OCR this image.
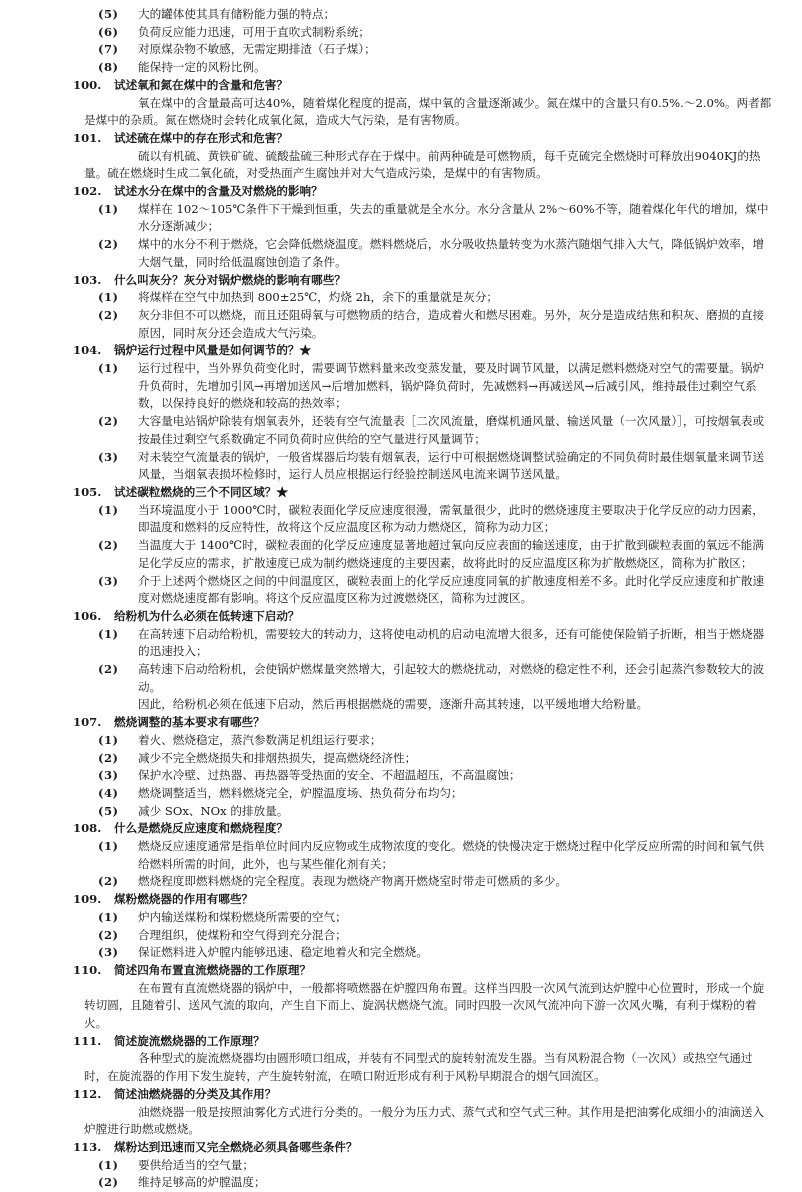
(5) 大的罐体使其具有储粉能力强的特点；
(6) 负荷反应能力迅速，可用于直吹式制粉系统；
(7) 对原煤杂物不敏感，无需定期排渣（石子煤）；
(8) 能保持一定的风粉比例。
100. 试述氧和氮在煤中的含量和危害？
氧在煤中的含量最高可达40%，随着煤化程度的提高，煤中氧的含量逐渐减少。氮在煤中的含量只有0.5%.～2.0%。两者都是煤中的杂质。氮在燃烧时会转化成氧化氮，造成大气污染，是有害物质。
101. 试述硫在煤中的存在形式和危害？
硫以有机硫、黄铁矿硫、硫酸盐硫三种形式存在于煤中。前两种硫是可燃物质，每千克硫完全燃烧时可释放出9040KJ的热量。硫在燃烧时生成二氧化硫，对受热面产生腐蚀并对大气造成污染，是煤中的有害物质。
102. 试述水分在煤中的含量及对燃烧的影响？
(1) 煤样在 102～105℃条件下干燥到恒重，失去的重量就是全水分。水分含量从 2%～60%不等，随着煤化年代的增加，煤中水分逐渐减少；
(2) 煤中的水分不利于燃烧，它会降低燃烧温度。燃料燃烧后，水分吸收热量转变为水蒸汽随烟气排入大气，降低锅炉效率，增大烟气量，同时给低温腐蚀创造了条件。
103. 什么叫灰分？灰分对锅炉燃烧的影响有哪些？
(1) 将煤样在空气中加热到 800±25℃，灼烧 2h，余下的重量就是灰分；
(2) 灰分非但不可以燃烧，而且还阻碍氧与可燃物质的结合，造成着火和燃尽困难。另外，灰分是造成结焦和积灰、磨损的直接原因，同时灰分还会造成大气污染。
104. 锅炉运行过程中风量是如何调节的？★
(1) 运行过程中，当外界负荷变化时，需要调节燃料量来改变蒸发量，要及时调节风量，以满足燃料燃烧对空气的需要量。锅炉升负荷时，先增加引风→再增加送风→后增加燃料，锅炉降负荷时，先减燃料→再减送风→后减引风，维持最佳过剩空气系数，以保持良好的燃烧和较高的热效率；
(2) 大容量电站锅炉除装有烟氧表外，还装有空气流量表［二次风流量，磨煤机通风量、输送风量（一次风量）］，可按烟氧表或按最佳过剩空气系数确定不同负荷时应供给的空气量进行风量调节；
(3) 对未装空气流量表的锅炉，一般省煤器后均装有烟氧表，运行中可根据燃烧调整试验确定的不同负荷时最佳烟氧量来调节送风量，当烟氧表损坏检修时，运行人员应根据运行经验控制送风电流来调节送风量。
105. 试述碳粒燃烧的三个不同区域？★
(1) 当环境温度小于 1000℃时，碳粒表面化学反应速度很漫，需氧量很少，此时的燃烧速度主要取决于化学反应的动力因素，即温度和燃料的反应特性，故将这个反应温度区称为动力燃烧区，简称为动力区；
(2) 当温度大于 1400℃时，碳粒表面的化学反应速度显著地超过氧向反应表面的输送速度，由于扩散到碳粒表面的氧远不能满足化学反应的需求，扩散速度已成为制约燃烧速度的主要因素，故将此时的反应温度区称为扩散燃烧区，简称为扩散区；
(3) 介于上述两个燃烧区之间的中间温度区，碳粒表面上的化学反应速度同氧的扩散速度相差不多。此时化学反应速度和扩散速度对燃烧速度都有影响。将这个反应温度区称为过渡燃烧区，简称为过渡区。
106. 给粉机为什么必须在低转速下启动？
(1) 在高转速下启动给粉机，需要较大的转动力，这将使电动机的启动电流增大很多，还有可能使保险销子折断，相当于燃烧器的迅速投入；
(2) 高转速下启动给粉机，会使锅炉燃煤量突然增大，引起较大的燃烧扰动，对燃烧的稳定性不利，还会引起蒸汽参数较大的波动。
因此，给粉机必须在低速下启动，然后再根据燃烧的需要，逐渐升高其转速，以平缓地增大给粉量。
107. 燃烧调整的基本要求有哪些？
(1) 着火、燃烧稳定，蒸汽参数满足机组运行要求；
(2) 减少不完全燃烧损失和排烟热损失，提高燃烧经济性；
(3) 保护水冷壁、过热器、再热器等受热面的安全、不超温超压，不高温腐蚀；
(4) 燃烧调整适当，燃料燃烧完全，炉膛温度场、热负荷分布均匀；
(5) 减少 SOx、NOx 的排放量。
108. 什么是燃烧反应速度和燃烧程度？
(1) 燃烧反应速度通常是指单位时间内反应物或生成物浓度的变化。燃烧的快慢决定于燃烧过程中化学反应所需的时间和氧气供给燃料所需的时间，此外，也与某些催化剂有关；
(2) 燃烧程度即燃料燃烧的完全程度。表现为燃烧产物离开燃烧室时带走可燃质的多少。
109. 煤粉燃烧器的作用有哪些？
(1) 炉内输送煤粉和煤粉燃烧所需要的空气；
(2) 合理组织，使煤粉和空气得到充分混合；
(3) 保证燃料进入炉膛内能够迅速、稳定地着火和完全燃烧。
110. 简述四角布置直流燃烧器的工作原理？
在布置有直流燃烧器的锅炉中，一般都将喷燃器在炉膛四角布置。这样当四股一次风气流到达炉膛中心位置时，形成一个旋转切圆，且随着引、送风气流的取向，产生自下而上、旋涡状燃烧气流。同时四股一次风气流冲向下游一次风火嘴，有利于煤粉的着火。
111. 简述旋流燃烧器的工作原理？
各种型式的旋流燃烧器均由圆形喷口组成，并装有不同型式的旋转射流发生器。当有风粉混合物（一次风）或热空气通过时，在旋流器的作用下发生旋转，产生旋转射流，在喷口附近形成有利于风粉早期混合的烟气回流区。
112. 简述油燃烧器的分类及其作用？
油燃烧器一般是按照油雾化方式进行分类的。一般分为压力式、蒸气式和空气式三种。其作用是把油雾化成细小的油滴送入炉膛进行助燃或燃烧。
113. 煤粉达到迅速而又完全燃烧必须具备哪些条件？
(1) 要供给适当的空气量；
(2) 维持足够高的炉膛温度；
